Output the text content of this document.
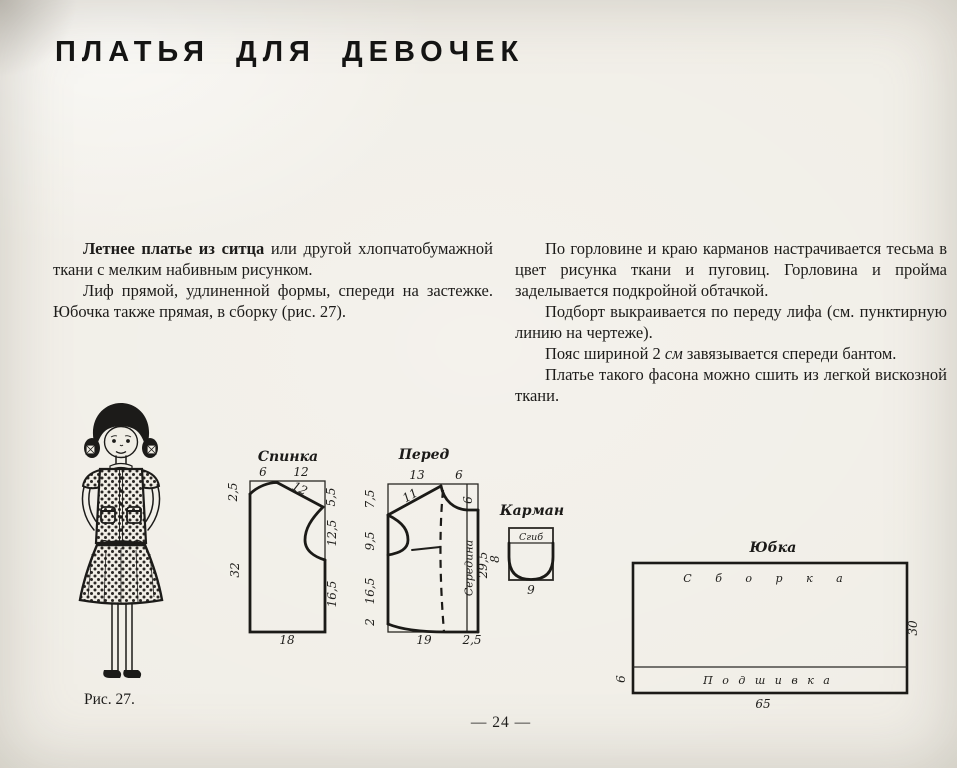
ПЛАТЬЯ ДЛЯ ДЕВОЧЕК

Летнее платье из ситца или другой хлопчатобумажной ткани с мелким набивным рисунком.

Лиф прямой, удлиненной формы, спереди на застежке. Юбочка также прямая, в сборку (рис. 27).

По горловине и краю карманов настрачивается тесьма в цвет рисунка ткани и пуговиц. Горловина и пройма заделывается подкройной обтачкой.

Подборт выкраивается по переду лифа (см. пунктирную линию на чертеже).

Пояс шириной 2 см завязывается спереди бантом.

Платье такого фасона можно сшить из легкой вискозной ткани.

Рис. 27.
Спинка
6 12
2,5
32
12 5,5
12,5
16,5
18
Перед
13	6
7,5
9,5
16,5
2
11	6
Середина 29,5
19	2,5
Карман
Сгиб
8
9
Юбка
С б о р к а
П о д ш и в к а
30
6
65
— 24 —
